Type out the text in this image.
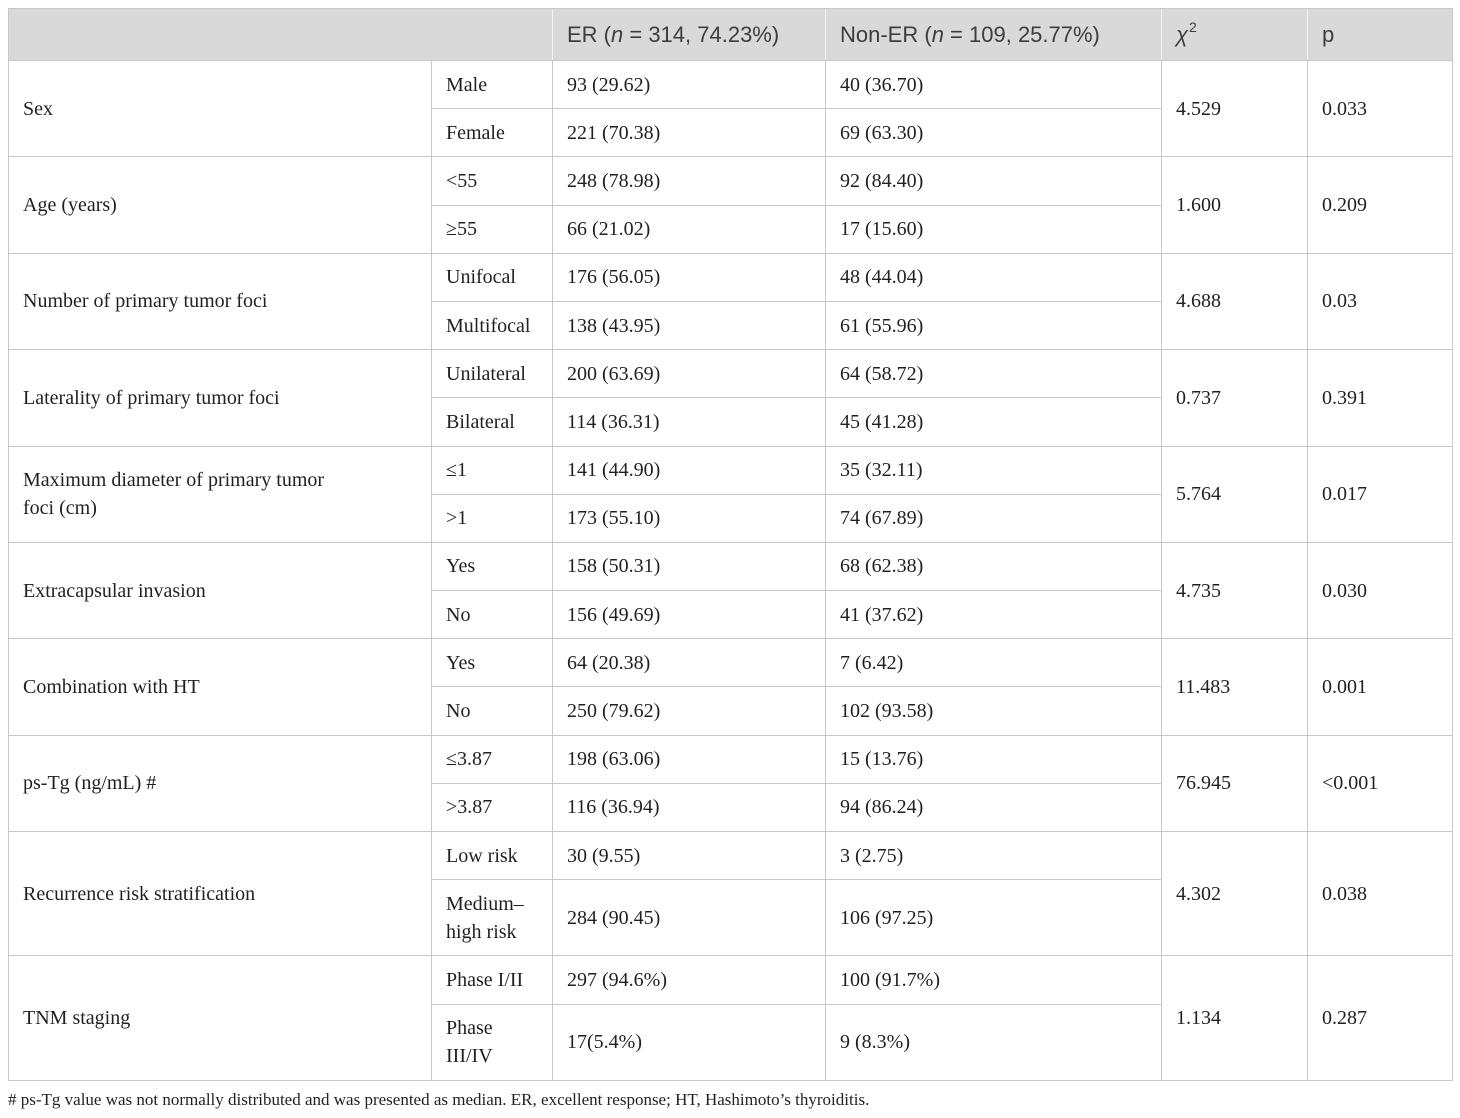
		ER (n = 314, 74.23%)	Non-ER (n = 109, 25.77%)	$\chi^2$	p
Sex	Male	93 (29.62)	40 (36.70)	4.529	0.033
	Female	221 (70.38)	69 (63.30)		
Age (years)	<55	248 (78.98)	92 (84.40)	1.600	0.209
	≥55	66 (21.02)	17 (15.60)		
Number of primary tumor foci	Unifocal	176 (56.05)	48 (44.04)	4.688	0.03
	Multifocal	138 (43.95)	61 (55.96)		
Laterality of primary tumor foci	Unilateral	200 (63.69)	64 (58.72)	0.737	0.391
	Bilateral	114 (36.31)	45 (41.28)		
Maximum diameter of primary tumor foci (cm)	≤1	141 (44.90)	35 (32.11)	5.764	0.017
	>1	173 (55.10)	74 (67.89)		
Extracapsular invasion	Yes	158 (50.31)	68 (62.38)	4.735	0.030
	No	156 (49.69)	41 (37.62)		
Combination with HT	Yes	64 (20.38)	7 (6.42)	11.483	0.001
	No	250 (79.62)	102 (93.58)		
ps-Tg (ng/mL) #	≤3.87	198 (63.06)	15 (13.76)	76.945	<0.001
	>3.87	116 (36.94)	94 (86.24)		
Recurrence risk stratification	Low risk	30 (9.55)	3 (2.75)	4.302	0.038
	Medium–high risk	284 (90.45)	106 (97.25)		
TNM staging	Phase I/II	297 (94.6%)	100 (91.7%)	1.134	0.287
	Phase III/IV	17(5.4%)	9 (8.3%)		
# ps-Tg value was not normally distributed and was presented as median. ER, excellent response; HT, Hashimoto’s thyroiditis.
